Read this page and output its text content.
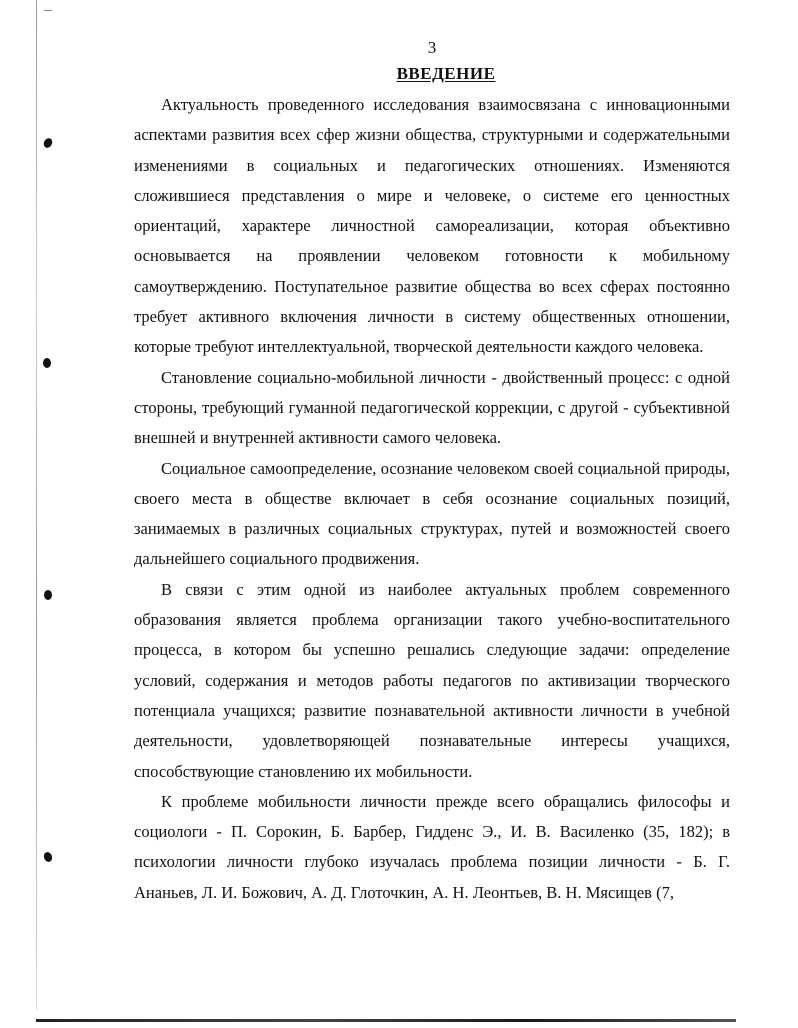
3
ВВЕДЕНИЕ

Актуальность проведенного исследования взаимосвязана с инновационными аспектами развития всех сфер жизни общества, структурными и содержательными изменениями в социальных и педагогических отношениях. Изменяются сложившиеся представления о мире и человеке, о системе его ценностных ориентаций, характере личностной самореализации, которая объективно основывается на проявлении человеком готовности к мобильному самоутверждению. Поступательное развитие общества во всех сферах постоянно требует активного включения личности в систему общественных отношении, которые требуют интеллектуальной, творческой деятельности каждого человека.

Становление социально-мобильной личности - двойственный процесс: с одной стороны, требующий гуманной педагогической коррекции, с другой - субъективной внешней и внутренней активности самого человека.

Социальное самоопределение, осознание человеком своей социальной природы, своего места в обществе включает в себя осознание социальных позиций, занимаемых в различных социальных структурах, путей и возможностей своего дальнейшего социального продвижения.

В связи с этим одной из наиболее актуальных проблем современного образования является проблема организации такого учебно-воспитательного процесса, в котором бы успешно решались следующие задачи: определение условий, содержания и методов работы педагогов по активизации творческого потенциала учащихся; развитие познавательной активности личности в учебной деятельности, удовлетворяющей познавательные интересы учащихся, способствующие становлению их мобильности.

К проблеме мобильности личности прежде всего обращались философы и социологи - П. Сорокин, Б. Барбер, Гидденс Э., И. В. Василенко (35, 182); в психологии личности глубоко изучалась проблема позиции личности - Б. Г. Ананьев, Л. И. Божович, А. Д. Глоточкин, А. Н. Леонтьев, В. Н. Мясищев (7,
